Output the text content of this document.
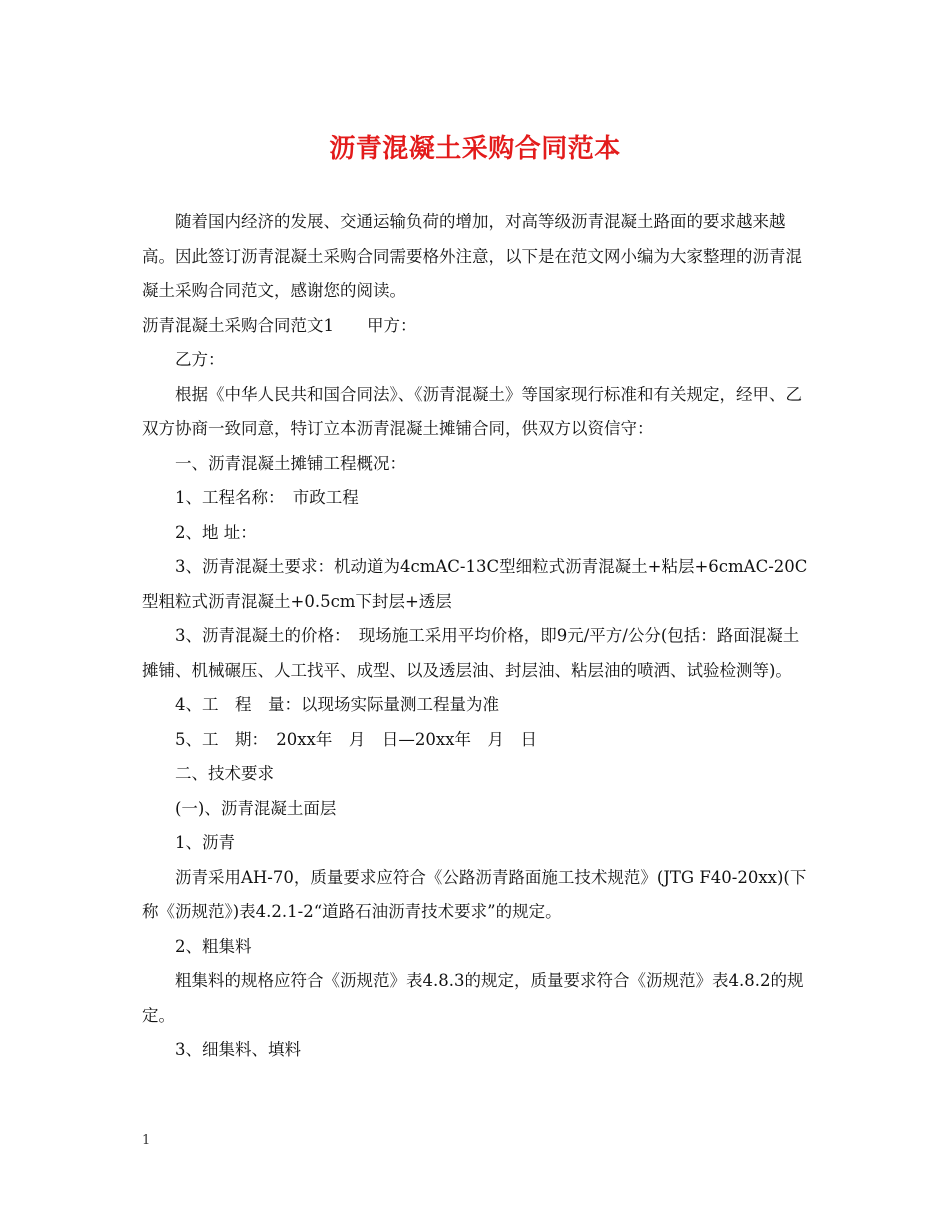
沥青混凝土采购合同范本

随着国内经济的发展、交通运输负荷的增加，对高等级沥青混凝土路面的要求越来越高。因此签订沥青混凝土采购合同需要格外注意，以下是在范文网小编为大家整理的沥青混凝土采购合同范文，感谢您的阅读。

沥青混凝土采购合同范文1　　甲方：

乙方：

根据《中华人民共和国合同法》、《沥青混凝土》等国家现行标准和有关规定，经甲、乙双方协商一致同意，特订立本沥青混凝土摊铺合同，供双方以资信守：

一、沥青混凝土摊铺工程概况：

1、工程名称：　市政工程

2、地 址：

3、沥青混凝土要求：机动道为4cmAC-13C型细粒式沥青混凝土+粘层+6cmAC-20C型粗粒式沥青混凝土+0.5cm下封层+透层

3、沥青混凝土的价格：　现场施工采用平均价格，即9元/平方/公分(包括：路面混凝土摊铺、机械碾压、人工找平、成型、以及透层油、封层油、粘层油的喷洒、试验检测等)。

4、工　程　量：以现场实际量测工程量为准

5、工　期：　20xx年　月　日—20xx年　月　日

二、技术要求

(一)、沥青混凝土面层

1、沥青

沥青采用AH-70，质量要求应符合《公路沥青路面施工技术规范》(JTG F40-20xx)(下称《沥规范》)表4.2.1-2“道路石油沥青技术要求”的规定。

2、粗集料

粗集料的规格应符合《沥规范》表4.8.3的规定，质量要求符合《沥规范》表4.8.2的规定。

3、细集料、填料

1
